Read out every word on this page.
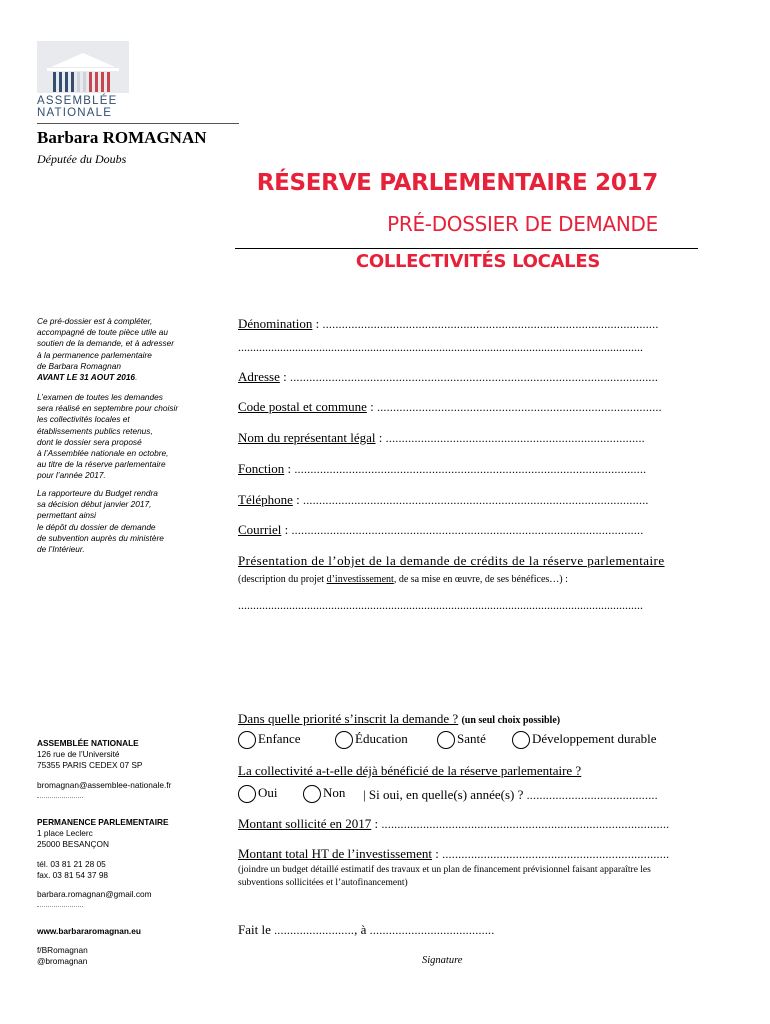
ASSEMBLÉE
NATIONALE
Barbara ROMAGNAN
Députée du Doubs
RÉSERVE PARLEMENTAIRE 2017
PRÉ-DOSSIER DE DEMANDE
COLLECTIVITÉS LOCALES
Ce pré-dossier est à compléter,
accompagné de toute pièce utile au
soutien de la demande, et à adresser
à la permanence parlementaire
de Barbara Romagnan
AVANT LE 31 AOUT 2016.
L’examen de toutes les demandes
sera réalisé en septembre pour choisir
les collectivités locales et
établissements publics retenus,
dont le dossier sera proposé
à l’Assemblée nationale en octobre,
au titre de la réserve parlementaire
pour l’année 2017.
La rapporteure du Budget rendra
sa décision début janvier 2017,
permettant ainsi
le dépôt du dossier de demande
de subvention auprès du ministère
de l’Intérieur.
ASSEMBLÉE NATIONALE
126 rue de l’Université
75355 PARIS CEDEX 07 SP
bromagnan@assemblee-nationale.fr
PERMANENCE PARLEMENTAIRE
1 place Leclerc
25000 BESANÇON
tél. 03 81 21 28 05
fax. 03 81 54 37 98
barbara.romagnan@gmail.com
www.barbararomagnan.eu
f/BRomagnan
@bromagnan
Dénomination : .........................................................................................................
.......................................................................................................................................
Adresse : ...................................................................................................................
Code postal et commune : .........................................................................................
Nom du représentant légal : .................................................................................
Fonction : ..............................................................................................................
Téléphone : ............................................................................................................
Courriel : ..............................................................................................................
Présentation de l’objet de la demande de crédits de la réserve parlementaire
(description du projet d’investissement, de sa mise en œuvre, de ses bénéfices…) :
.......................................................................................................................................
Dans quelle priorité s’inscrit la demande ? (un seul choix possible)
Enfance	Éducation	Santé	Développement durable
La collectivité a-t-elle déjà bénéficié de la réserve parlementaire ?
Oui	Non | Si oui, en quelle(s) année(s) ? .........................................
Montant sollicité en 2017 : ..........................................................................................
Montant total HT de l’investissement : .......................................................................
(joindre un budget détaillé estimatif des travaux et un plan de financement prévisionnel faisant apparaître les
subventions sollicitées et l’autofinancement)
Fait le ........................., à .......................................
Signature
